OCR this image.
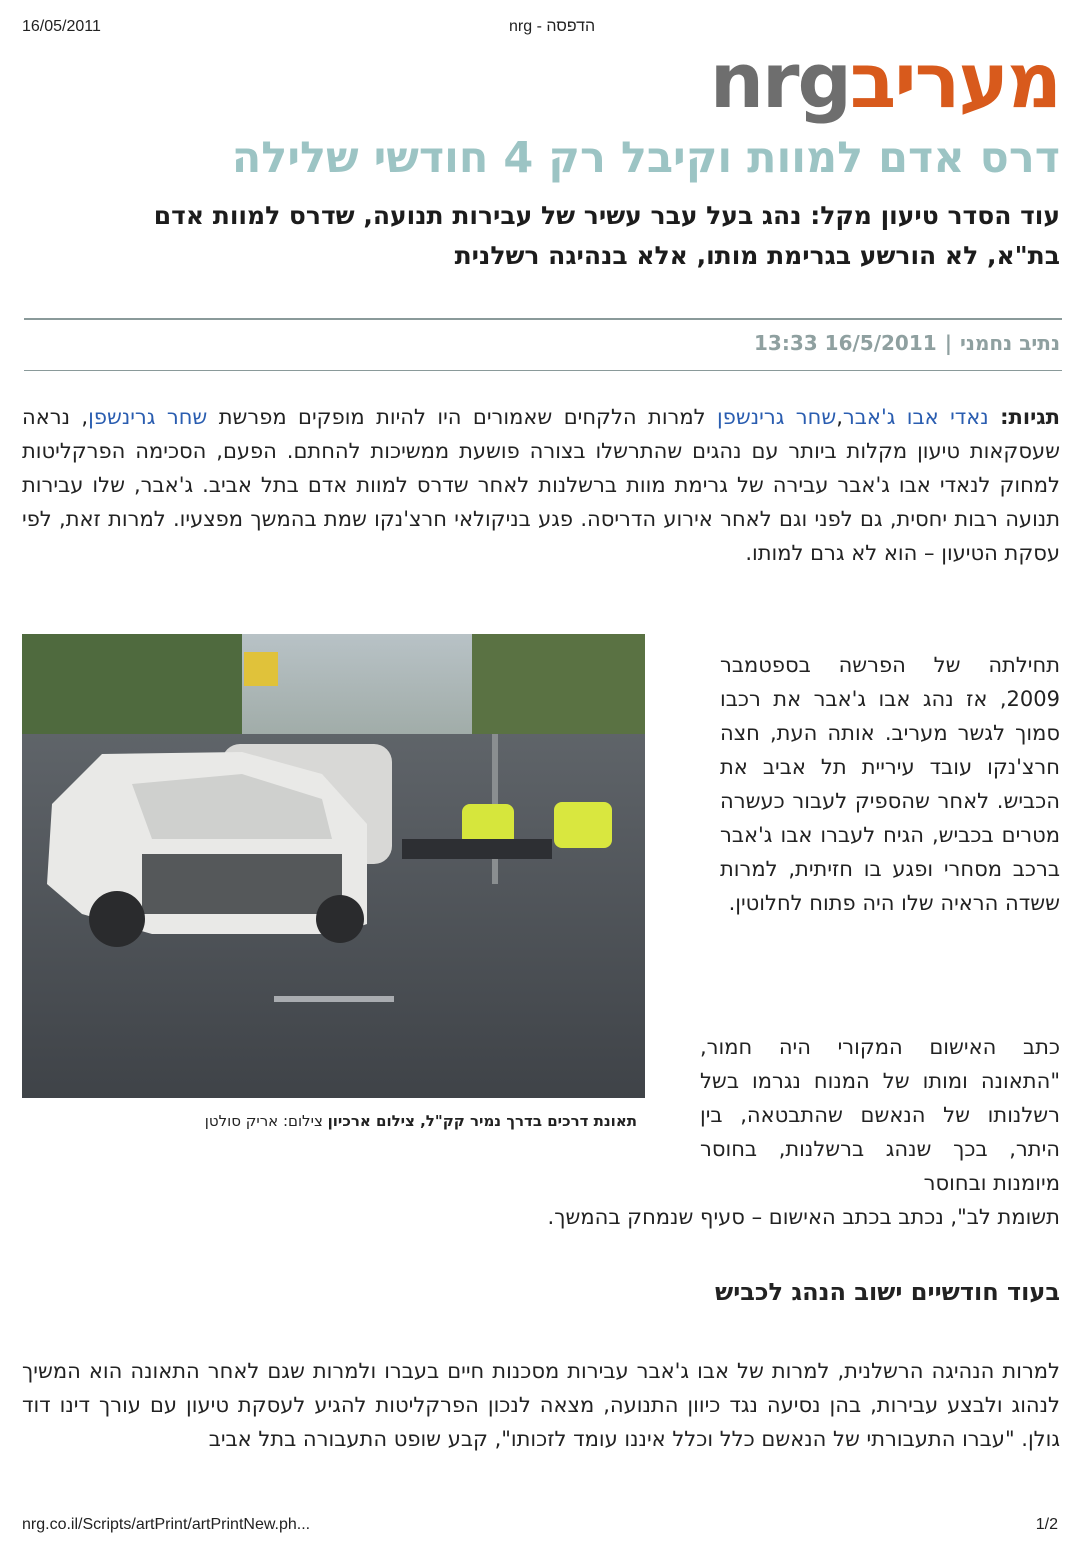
16/05/2011	הדפסה - nrg
nrgמעריב
דרס אדם למוות וקיבל רק 4 חודשי שלילה
עוד הסדר טיעון מקל: נהג בעל עבר עשיר של עבירות תנועה, שדרס למוות אדם בת"א, לא הורשע בגרימת מותו, אלא בנהיגה רשלנית
נתיב נחמני|16/5/2011 13:33

תגיות: נאדי אבו ג'אבר,שחר גרינשפן למרות הלקחים שאמורים היו להיות מופקים מפרשת שחר גרינשפן, נראה שעסקאות טיעון מקלות ביותר עם נהגים שהתרשלו בצורה פושעת ממשיכות להחתם. הפעם, הסכימה הפרקליטות למחוק לנאדי אבו ג'אבר עבירה של גרימת מוות ברשלנות לאחר שדרס למוות אדם בתל אביב. ג'אבר, שלו עבירות תנועה רבות יחסית, גם לפני וגם לאחר אירוע הדריסה. פגע בניקולאי חרצ'נקו שמת בהמשך מפצעיו. למרות זאת, לפי עסקת הטיעון – הוא לא גרם למותו.

תאונת דרכים בדרך נמיר קק"ל, צילום ארכיון צילום: אריק סולטן

תחילתה של הפרשה בספטמבר 2009, אז נהג אבו ג'אבר את רכבו סמוך לגשר מעריב. אותה העת, חצה חרצ'נקו עובד עיריית תל אביב את הכביש. לאחר שהספיק לעבור כעשרה מטרים בכביש, הגיח לעברו אבו ג'אבר ברכב מסחרי ופגע בו חזיתית, למרות ששדה הראיה שלו היה פתוח לחלוטין.

כתב האישום המקורי היה חמור, "התאונה ומותו של המנוח נגרמו בשל רשלנותו של הנאשם שהתבטאה, בין היתר, בכך שנהג ברשלנות, בחוסר מיומנות ובחוסר

תשומת לב", נכתב בכתב האישום – סעיף שנמחק בהמשך.

בעוד חודשיים ישוב הנהג לכביש

למרות הנהיגה הרשלנית, למרות של אבו ג'אבר עבירות מסכנות חיים בעברו ולמרות שגם לאחר התאונה הוא המשיך לנהוג ולבצע עבירות, בהן נסיעה נגד כיוון התנועה, מצאה לנכון הפרקליטות להגיע לעסקת טיעון עם עורך דינו דוד גולן. "עברו התעבורתי של הנאשם כלל וכלל איננו עומד לזכותו", קבע שופט התעבורה בתל אביב

nrg.co.il/Scripts/artPrint/artPrintNew.ph...	1/2
